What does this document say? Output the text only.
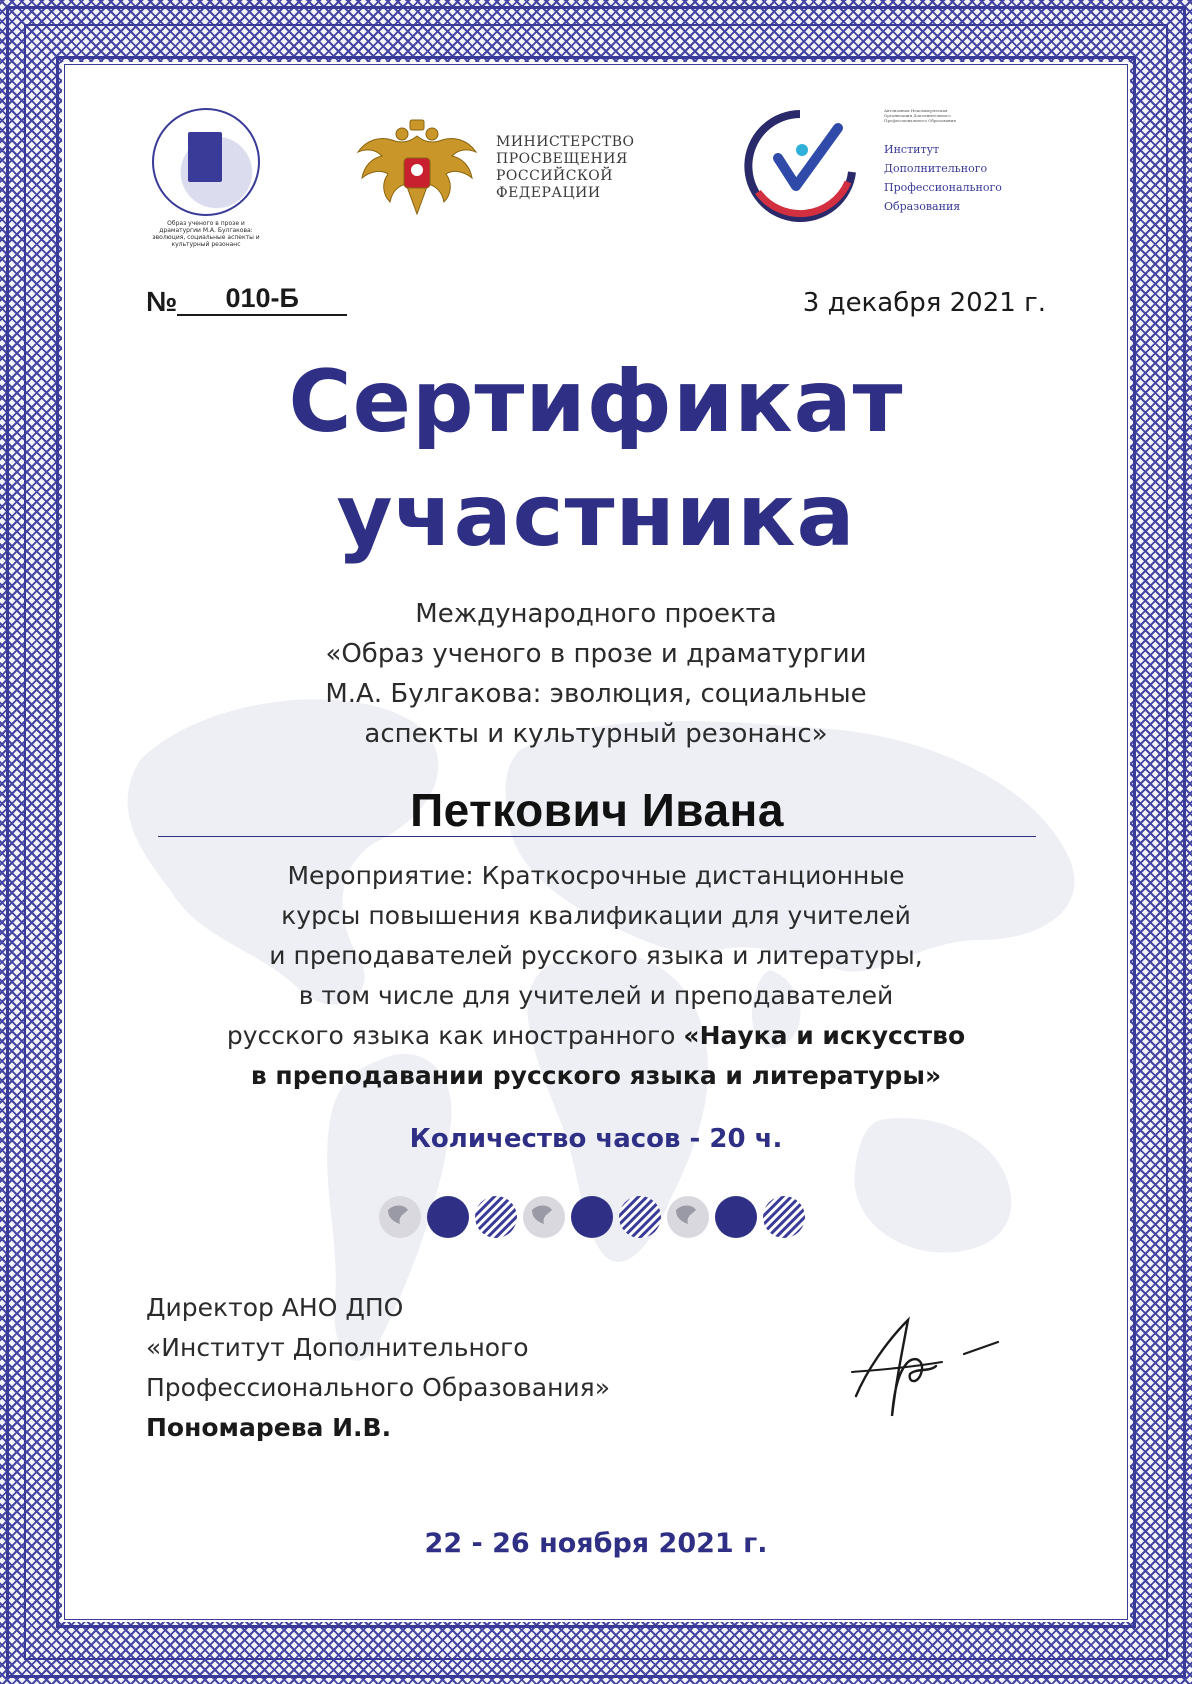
Образ ученого в прозе и драматургии М.А. Булгакова: эволюция, социальные аспекты и культурный резонанс
МИНИСТЕРСТВО
ПРОСВЕЩЕНИЯ
РОССИЙСКОЙ
ФЕДЕРАЦИИ
Автономная Некоммерческая
Организация Дополнительного
Профессионального Образования
Институт
Дополнительного
Профессионального
Образования
№ 010-Б	3 декабря 2021 г.
Сертификат
участника
Международного проекта
«Образ ученого в прозе и драматургии
М.А. Булгакова: эволюция, социальные
аспекты и культурный резонанс»
Петкович Ивана
Мероприятие: Краткосрочные дистанционные
курсы повышения квалификации для учителей
и преподавателей русского языка и литературы,
в том числе для учителей и преподавателей
русского языка как иностранного «Наука и искусство
в преподавании русского языка и литературы»
Количество часов - 20 ч.
Директор АНО ДПО
«Институт Дополнительного
Профессионального Образования»
Пономарева И.В.
22 - 26 ноября 2021 г.
